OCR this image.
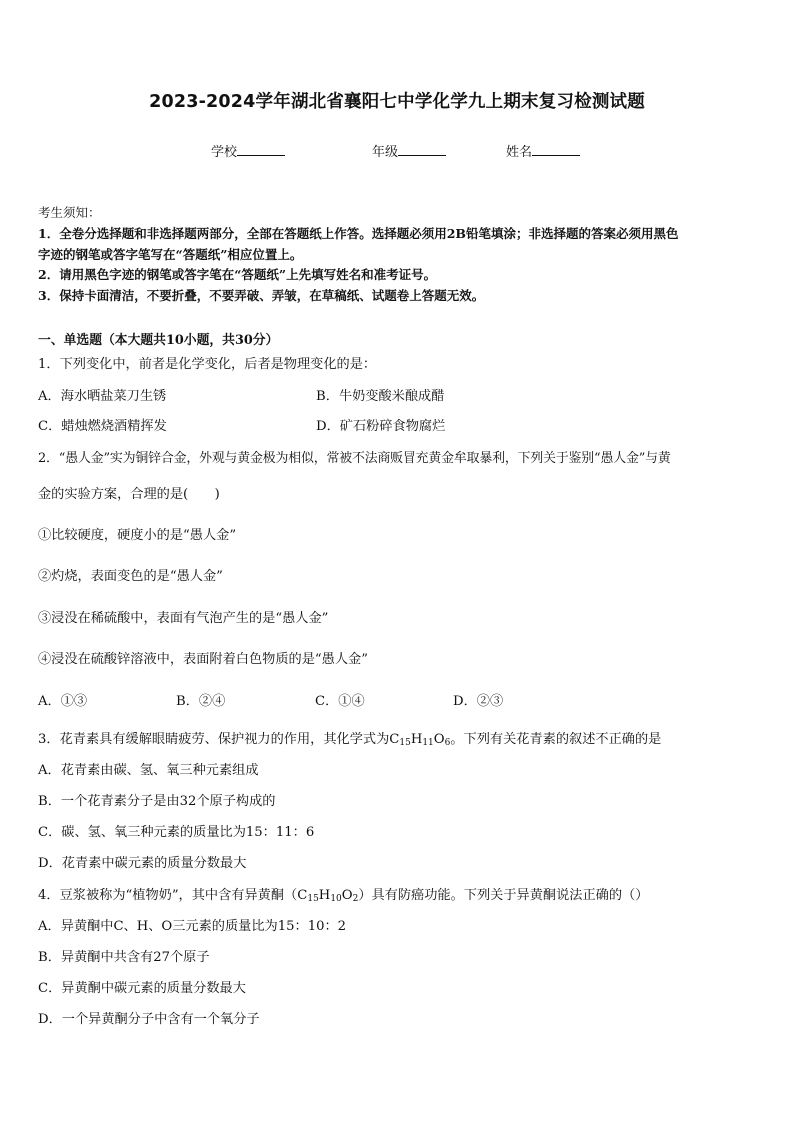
2023-2024学年湖北省襄阳七中学化学九上期末复习检测试题
学校	年级	姓名
考生须知：
1．全卷分选择题和非选择题两部分，全部在答题纸上作答。选择题必须用2B铅笔填涂；非选择题的答案必须用黑色
字迹的钢笔或答字笔写在“答题纸”相应位置上。
2．请用黑色字迹的钢笔或答字笔在“答题纸”上先填写姓名和准考证号。
3．保持卡面清洁，不要折叠，不要弄破、弄皱，在草稿纸、试题卷上答题无效。
一、单选题（本大题共10小题，共30分）
1．下列变化中，前者是化学变化，后者是物理变化的是：
A．海水晒盐菜刀生锈	B．牛奶变酸米酿成醋
C．蜡烛燃烧酒精挥发	D．矿石粉碎食物腐烂
2．“愚人金”实为铜锌合金，外观与黄金极为相似，常被不法商贩冒充黄金牟取暴利，下列关于鉴别“愚人金”与黄
金的实验方案，合理的是(　　)
①比较硬度，硬度小的是“愚人金”
②灼烧，表面变色的是“愚人金”
③浸没在稀硫酸中，表面有气泡产生的是“愚人金”
④浸没在硫酸锌溶液中，表面附着白色物质的是“愚人金”
A．①③	B．②④	C．①④	D．②③
3．花青素具有缓解眼睛疲劳、保护视力的作用，其化学式为$C_{15}H_{11}O_6$。下列有关花青素的叙述不正确的是
A．花青素由碳、氢、氧三种元素组成
B．一个花青素分子是由32个原子构成的
C．碳、氢、氧三种元素的质量比为15：11：6
D．花青素中碳元素的质量分数最大
4．豆浆被称为“植物奶”，其中含有异黄酮$(C_{15}H_{10}O_2)$具有防癌功能。下列关于异黄酮说法正确的（）
A．异黄酮中C、H、O三元素的质量比为15：10：2
B．异黄酮中共含有27个原子
C．异黄酮中碳元素的质量分数最大
D．一个异黄酮分子中含有一个氧分子
